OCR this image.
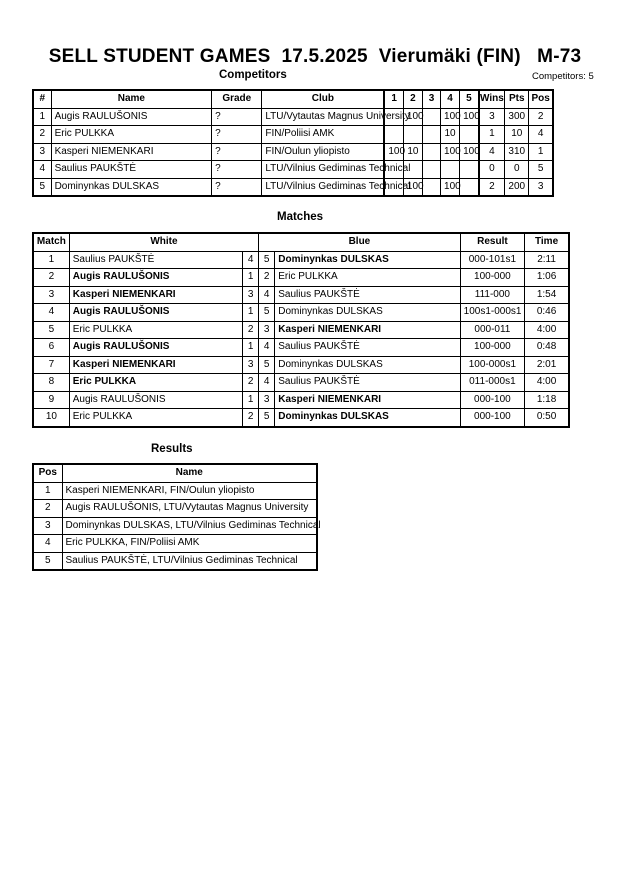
SELL STUDENT GAMES  17.5.2025  Vierumäki (FIN)   M-73
Competitors	Competitors: 5
#	Name	Grade	Club	1	2	3	4	5	Wins	Pts	Pos
1	Augis RAULUŠONIS	?	LTU/Vytautas Magnus University		100		100	100	3	300	2
2	Eric PULKKA	?	FIN/Poliisi AMK				10		1	10	4
3	Kasperi NIEMENKARI	?	FIN/Oulun yliopisto	100	10		100	100	4	310	1
4	Saulius PAUKŠTĖ	?	LTU/Vilnius Gediminas Technical						0	0	5
5	Dominynkas DULSKAS	?	LTU/Vilnius Gediminas Technical		100		100		2	200	3
Matches
Match	White		Blue		Result	Time
1	Saulius PAUKŠTĖ	4	5	Dominynkas DULSKAS	000-101s1	2:11
2	Augis RAULUŠONIS	1	2	Eric PULKKA	100-000	1:06
3	Kasperi NIEMENKARI	3	4	Saulius PAUKŠTĖ	111-000	1:54
4	Augis RAULUŠONIS	1	5	Dominynkas DULSKAS	100s1-000s1	0:46
5	Eric PULKKA	2	3	Kasperi NIEMENKARI	000-011	4:00
6	Augis RAULUŠONIS	1	4	Saulius PAUKŠTĖ	100-000	0:48
7	Kasperi NIEMENKARI	3	5	Dominynkas DULSKAS	100-000s1	2:01
8	Eric PULKKA	2	4	Saulius PAUKŠTĖ	011-000s1	4:00
9	Augis RAULUŠONIS	1	3	Kasperi NIEMENKARI	000-100	1:18
10	Eric PULKKA	2	5	Dominynkas DULSKAS	000-100	0:50
Results
Pos	Name
1	Kasperi NIEMENKARI, FIN/Oulun yliopisto
2	Augis RAULUŠONIS, LTU/Vytautas Magnus University
3	Dominynkas DULSKAS, LTU/Vilnius Gediminas Technical
4	Eric PULKKA, FIN/Poliisi AMK
5	Saulius PAUKŠTĖ, LTU/Vilnius Gediminas Technical
